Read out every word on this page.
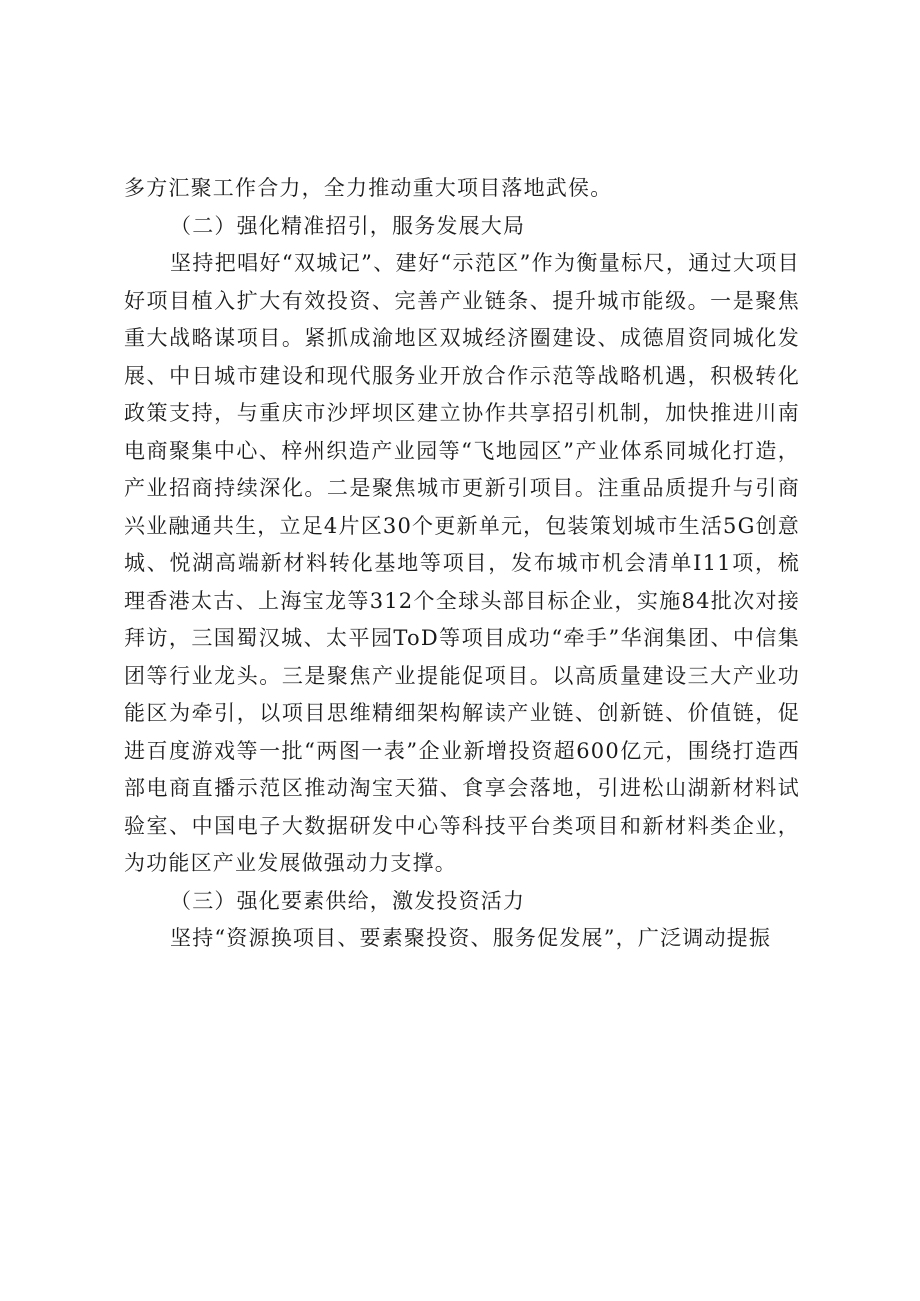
多方汇聚工作合力，全力推动重大项目落地武侯。

（二）强化精准招引，服务发展大局

坚持把唱好“双城记”、建好“示范区”作为衡量标尺，通过大项目好项目植入扩大有效投资、完善产业链条、提升城市能级。一是聚焦重大战略谋项目。紧抓成渝地区双城经济圈建设、成德眉资同城化发展、中日城市建设和现代服务业开放合作示范等战略机遇，积极转化政策支持，与重庆市沙坪坝区建立协作共享招引机制，加快推进川南电商聚集中心、梓州织造产业园等“飞地园区”产业体系同城化打造，产业招商持续深化。二是聚焦城市更新引项目。注重品质提升与引商兴业融通共生，立足4片区30个更新单元，包装策划城市生活5G创意城、悦湖高端新材料转化基地等项目，发布城市机会清单I11项，梳理香港太古、上海宝龙等312个全球头部目标企业，实施84批次对接拜访，三国蜀汉城、太平园ToD等项目成功“牵手”华润集团、中信集团等行业龙头。三是聚焦产业提能促项目。以高质量建设三大产业功能区为牵引，以项目思维精细架构解读产业链、创新链、价值链，促进百度游戏等一批“两图一表”企业新增投资超600亿元，围绕打造西部电商直播示范区推动淘宝天猫、食享会落地，引进松山湖新材料试验室、中国电子大数据研发中心等科技平台类项目和新材料类企业，为功能区产业发展做强动力支撑。

（三）强化要素供给，激发投资活力

坚持“资源换项目、要素聚投资、服务促发展”，广泛调动提振
